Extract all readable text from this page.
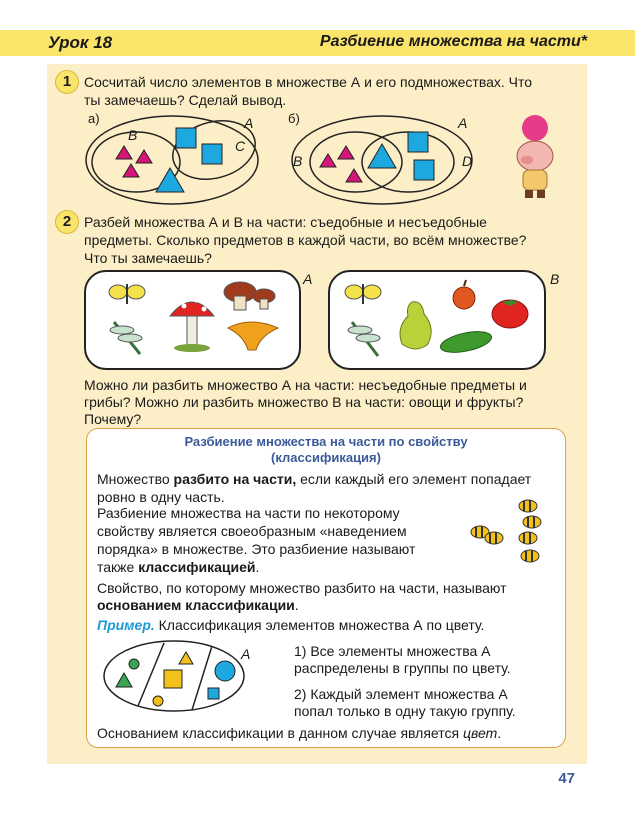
Урок 18	Разбиение множества на части*
1 Сосчитай число элементов в множестве А и его подмножествах. Что
ты замечаешь? Сделай вывод.
а)	б)
А
В
С
А
В	D
2 Разбей множества А и В на части: съедобные и несъедобные
предметы. Сколько предметов в каждой части, во всём множестве?
Что ты замечаешь?
А	В
Можно ли разбить множество А на части: несъедобные предметы и
грибы? Можно ли разбить множество В на части: овощи и фрукты?
Почему?
Разбиение множества на части по свойству
(классификация)
Множество разбито на части, если каждый его элемент попадает
ровно в одну часть.
Разбиение множества на части по некоторому
свойству является своеобразным «наведением
порядка» в множестве. Это разбиение называют
также классификацией.
Свойство, по которому множество разбито на части, называют
основанием классификации.
Пример. Классификация элементов множества А по цвету.
А	1) Все элементы множества А
распределены в группы по цвету.
2) Каждый элемент множества А
попал только в одну такую группу.
Основанием классификации в данном случае является цвет.
47
